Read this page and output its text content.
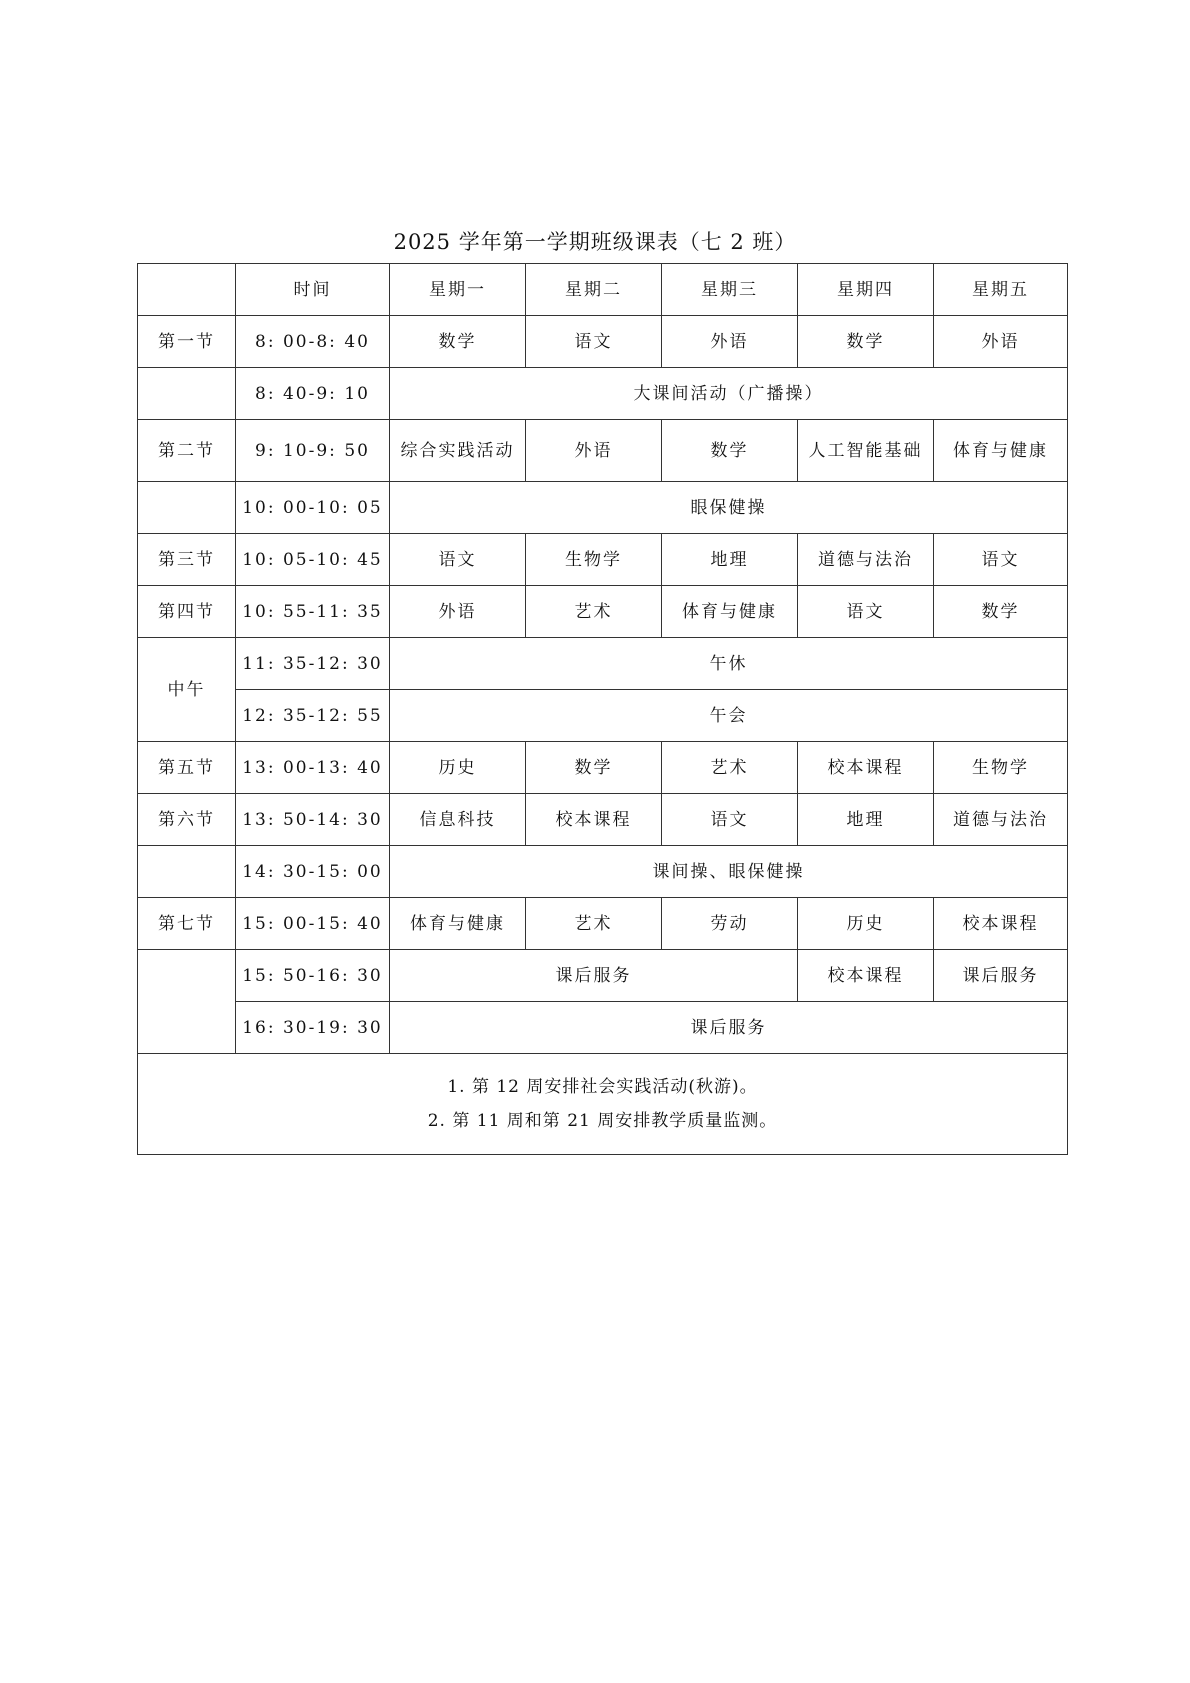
2025 学年第一学期班级课表（七 2 班）
	时间	星期一	星期二	星期三	星期四	星期五
第一节	8: 00-8: 40	数学	语文	外语	数学	外语
	8: 40-9: 10	大课间活动（广播操）				
第二节	9: 10-9: 50	综合实践活动	外语	数学	人工智能基础	体育与健康
	10: 00-10: 05	眼保健操				
第三节	10: 05-10: 45	语文	生物学	地理	道德与法治	语文
第四节	10: 55-11: 35	外语	艺术	体育与健康	语文	数学
中午	11: 35-12: 30	午休				
	12: 35-12: 55	午会				
第五节	13: 00-13: 40	历史	数学	艺术	校本课程	生物学
第六节	13: 50-14: 30	信息科技	校本课程	语文	地理	道德与法治
	14: 30-15: 00	课间操、眼保健操				
第七节	15: 00-15: 40	体育与健康	艺术	劳动	历史	校本课程
	15: 50-16: 30	课后服务			校本课程	课后服务
	16: 30-19: 30	课后服务				

1. 第 12 周安排社会实践活动(秋游)。
2. 第 11 周和第 21 周安排教学质量监测。						
